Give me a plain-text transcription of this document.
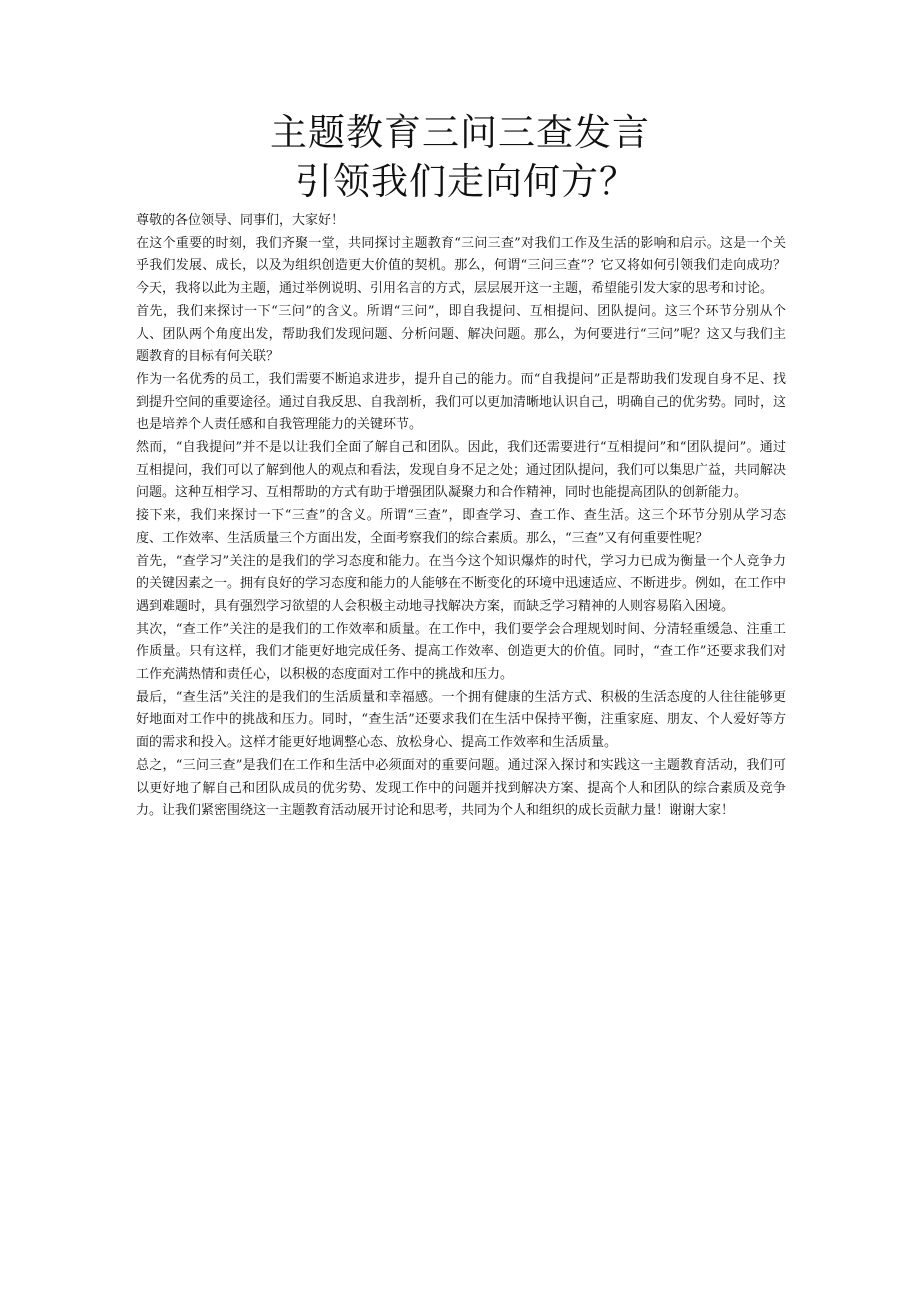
主题教育三问三查发言
引领我们走向何方？

尊敬的各位领导、同事们，大家好！

在这个重要的时刻，我们齐聚一堂，共同探讨主题教育“三问三查”对我们工作及生活的影响和启示。这是一个关乎我们发展、成长，以及为组织创造更大价值的契机。那么，何谓“三问三查”？它又将如何引领我们走向成功？今天，我将以此为主题，通过举例说明、引用名言的方式，层层展开这一主题，希望能引发大家的思考和讨论。

首先，我们来探讨一下“三问”的含义。所谓“三问”，即自我提问、互相提问、团队提问。这三个环节分别从个人、团队两个角度出发，帮助我们发现问题、分析问题、解决问题。那么，为何要进行“三问”呢？这又与我们主题教育的目标有何关联？

作为一名优秀的员工，我们需要不断追求进步，提升自己的能力。而“自我提问”正是帮助我们发现自身不足、找到提升空间的重要途径。通过自我反思、自我剖析，我们可以更加清晰地认识自己，明确自己的优劣势。同时，这也是培养个人责任感和自我管理能力的关键环节。

然而，“自我提问”并不是以让我们全面了解自己和团队。因此，我们还需要进行“互相提问”和“团队提问”。通过互相提问，我们可以了解到他人的观点和看法，发现自身不足之处；通过团队提问，我们可以集思广益，共同解决问题。这种互相学习、互相帮助的方式有助于增强团队凝聚力和合作精神，同时也能提高团队的创新能力。

接下来，我们来探讨一下“三查”的含义。所谓“三查”，即查学习、查工作、查生活。这三个环节分别从学习态度、工作效率、生活质量三个方面出发，全面考察我们的综合素质。那么，“三查”又有何重要性呢？

首先，“查学习”关注的是我们的学习态度和能力。在当今这个知识爆炸的时代，学习力已成为衡量一个人竞争力的关键因素之一。拥有良好的学习态度和能力的人能够在不断变化的环境中迅速适应、不断进步。例如，在工作中遇到难题时，具有强烈学习欲望的人会积极主动地寻找解决方案，而缺乏学习精神的人则容易陷入困境。

其次，“查工作”关注的是我们的工作效率和质量。在工作中，我们要学会合理规划时间、分清轻重缓急、注重工作质量。只有这样，我们才能更好地完成任务、提高工作效率、创造更大的价值。同时，“查工作”还要求我们对工作充满热情和责任心，以积极的态度面对工作中的挑战和压力。

最后，“查生活”关注的是我们的生活质量和幸福感。一个拥有健康的生活方式、积极的生活态度的人往往能够更好地面对工作中的挑战和压力。同时，“查生活”还要求我们在生活中保持平衡，注重家庭、朋友、个人爱好等方面的需求和投入。这样才能更好地调整心态、放松身心、提高工作效率和生活质量。

总之，“三问三查”是我们在工作和生活中必须面对的重要问题。通过深入探讨和实践这一主题教育活动，我们可以更好地了解自己和团队成员的优劣势、发现工作中的问题并找到解决方案、提高个人和团队的综合素质及竞争力。让我们紧密围绕这一主题教育活动展开讨论和思考，共同为个人和组织的成长贡献力量！谢谢大家！
